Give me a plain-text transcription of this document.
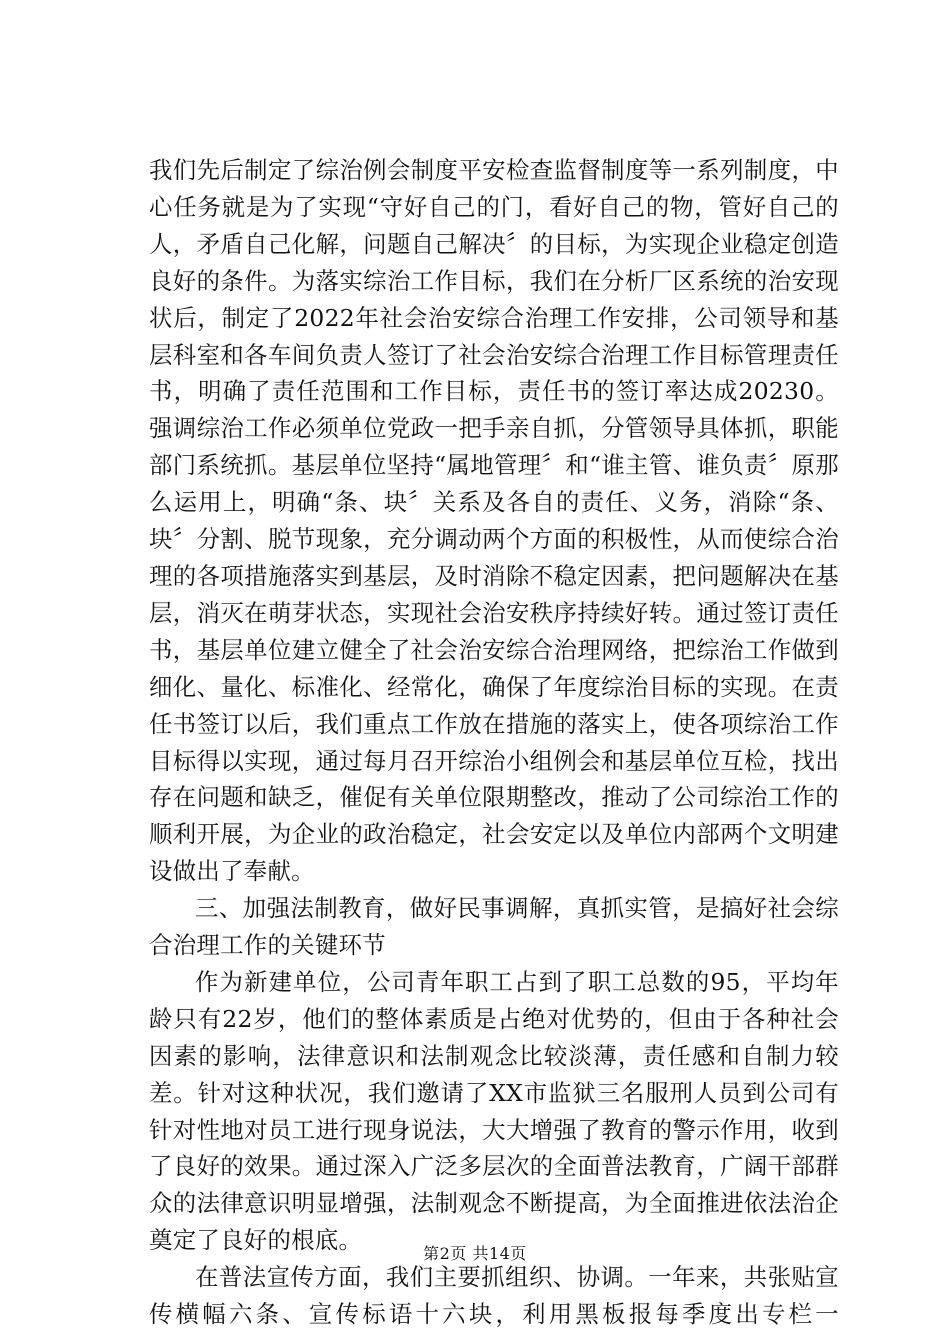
我们先后制定了综治例会制度平安检查监督制度等一系列制度，中心任务就是为了实现“守好自己的门，看好自己的物，管好自己的人，矛盾自己化解，问题自己解决〞的目标，为实现企业稳定创造良好的条件。为落实综治工作目标，我们在分析厂区系统的治安现状后，制定了2022年社会治安综合治理工作安排，公司领导和基层科室和各车间负责人签订了社会治安综合治理工作目标管理责任书，明确了责任范围和工作目标，责任书的签订率达成20230。强调综治工作必须单位党政一把手亲自抓，分管领导具体抓，职能部门系统抓。基层单位坚持“属地管理〞和“谁主管、谁负责〞原那么运用上，明确“条、块〞关系及各自的责任、义务，消除“条、块〞分割、脱节现象，充分调动两个方面的积极性，从而使综合治理的各项措施落实到基层，及时消除不稳定因素，把问题解决在基层，消灭在萌芽状态，实现社会治安秩序持续好转。通过签订责任书，基层单位建立健全了社会治安综合治理网络，把综治工作做到细化、量化、标准化、经常化，确保了年度综治目标的实现。在责任书签订以后，我们重点工作放在措施的落实上，使各项综治工作目标得以实现，通过每月召开综治小组例会和基层单位互检，找出存在问题和缺乏，催促有关单位限期整改，推动了公司综治工作的顺利开展，为企业的政治稳定，社会安定以及单位内部两个文明建设做出了奉献。

三、加强法制教育，做好民事调解，真抓实管，是搞好社会综合治理工作的关键环节

作为新建单位，公司青年职工占到了职工总数的95，平均年龄只有22岁，他们的整体素质是占绝对优势的，但由于各种社会因素的影响，法律意识和法制观念比较淡薄，责任感和自制力较差。针对这种状况，我们邀请了XX市监狱三名服刑人员到公司有针对性地对员工进行现身说法，大大增强了教育的警示作用，收到了良好的效果。通过深入广泛多层次的全面普法教育，广阔干部群众的法律意识明显增强，法制观念不断提高，为全面推进依法治企奠定了良好的根底。

在普法宣传方面，我们主要抓组织、协调。一年来，共张贴宣传横幅六条、宣传标语十六块，利用黑板报每季度出专栏一

第2页 共14页
